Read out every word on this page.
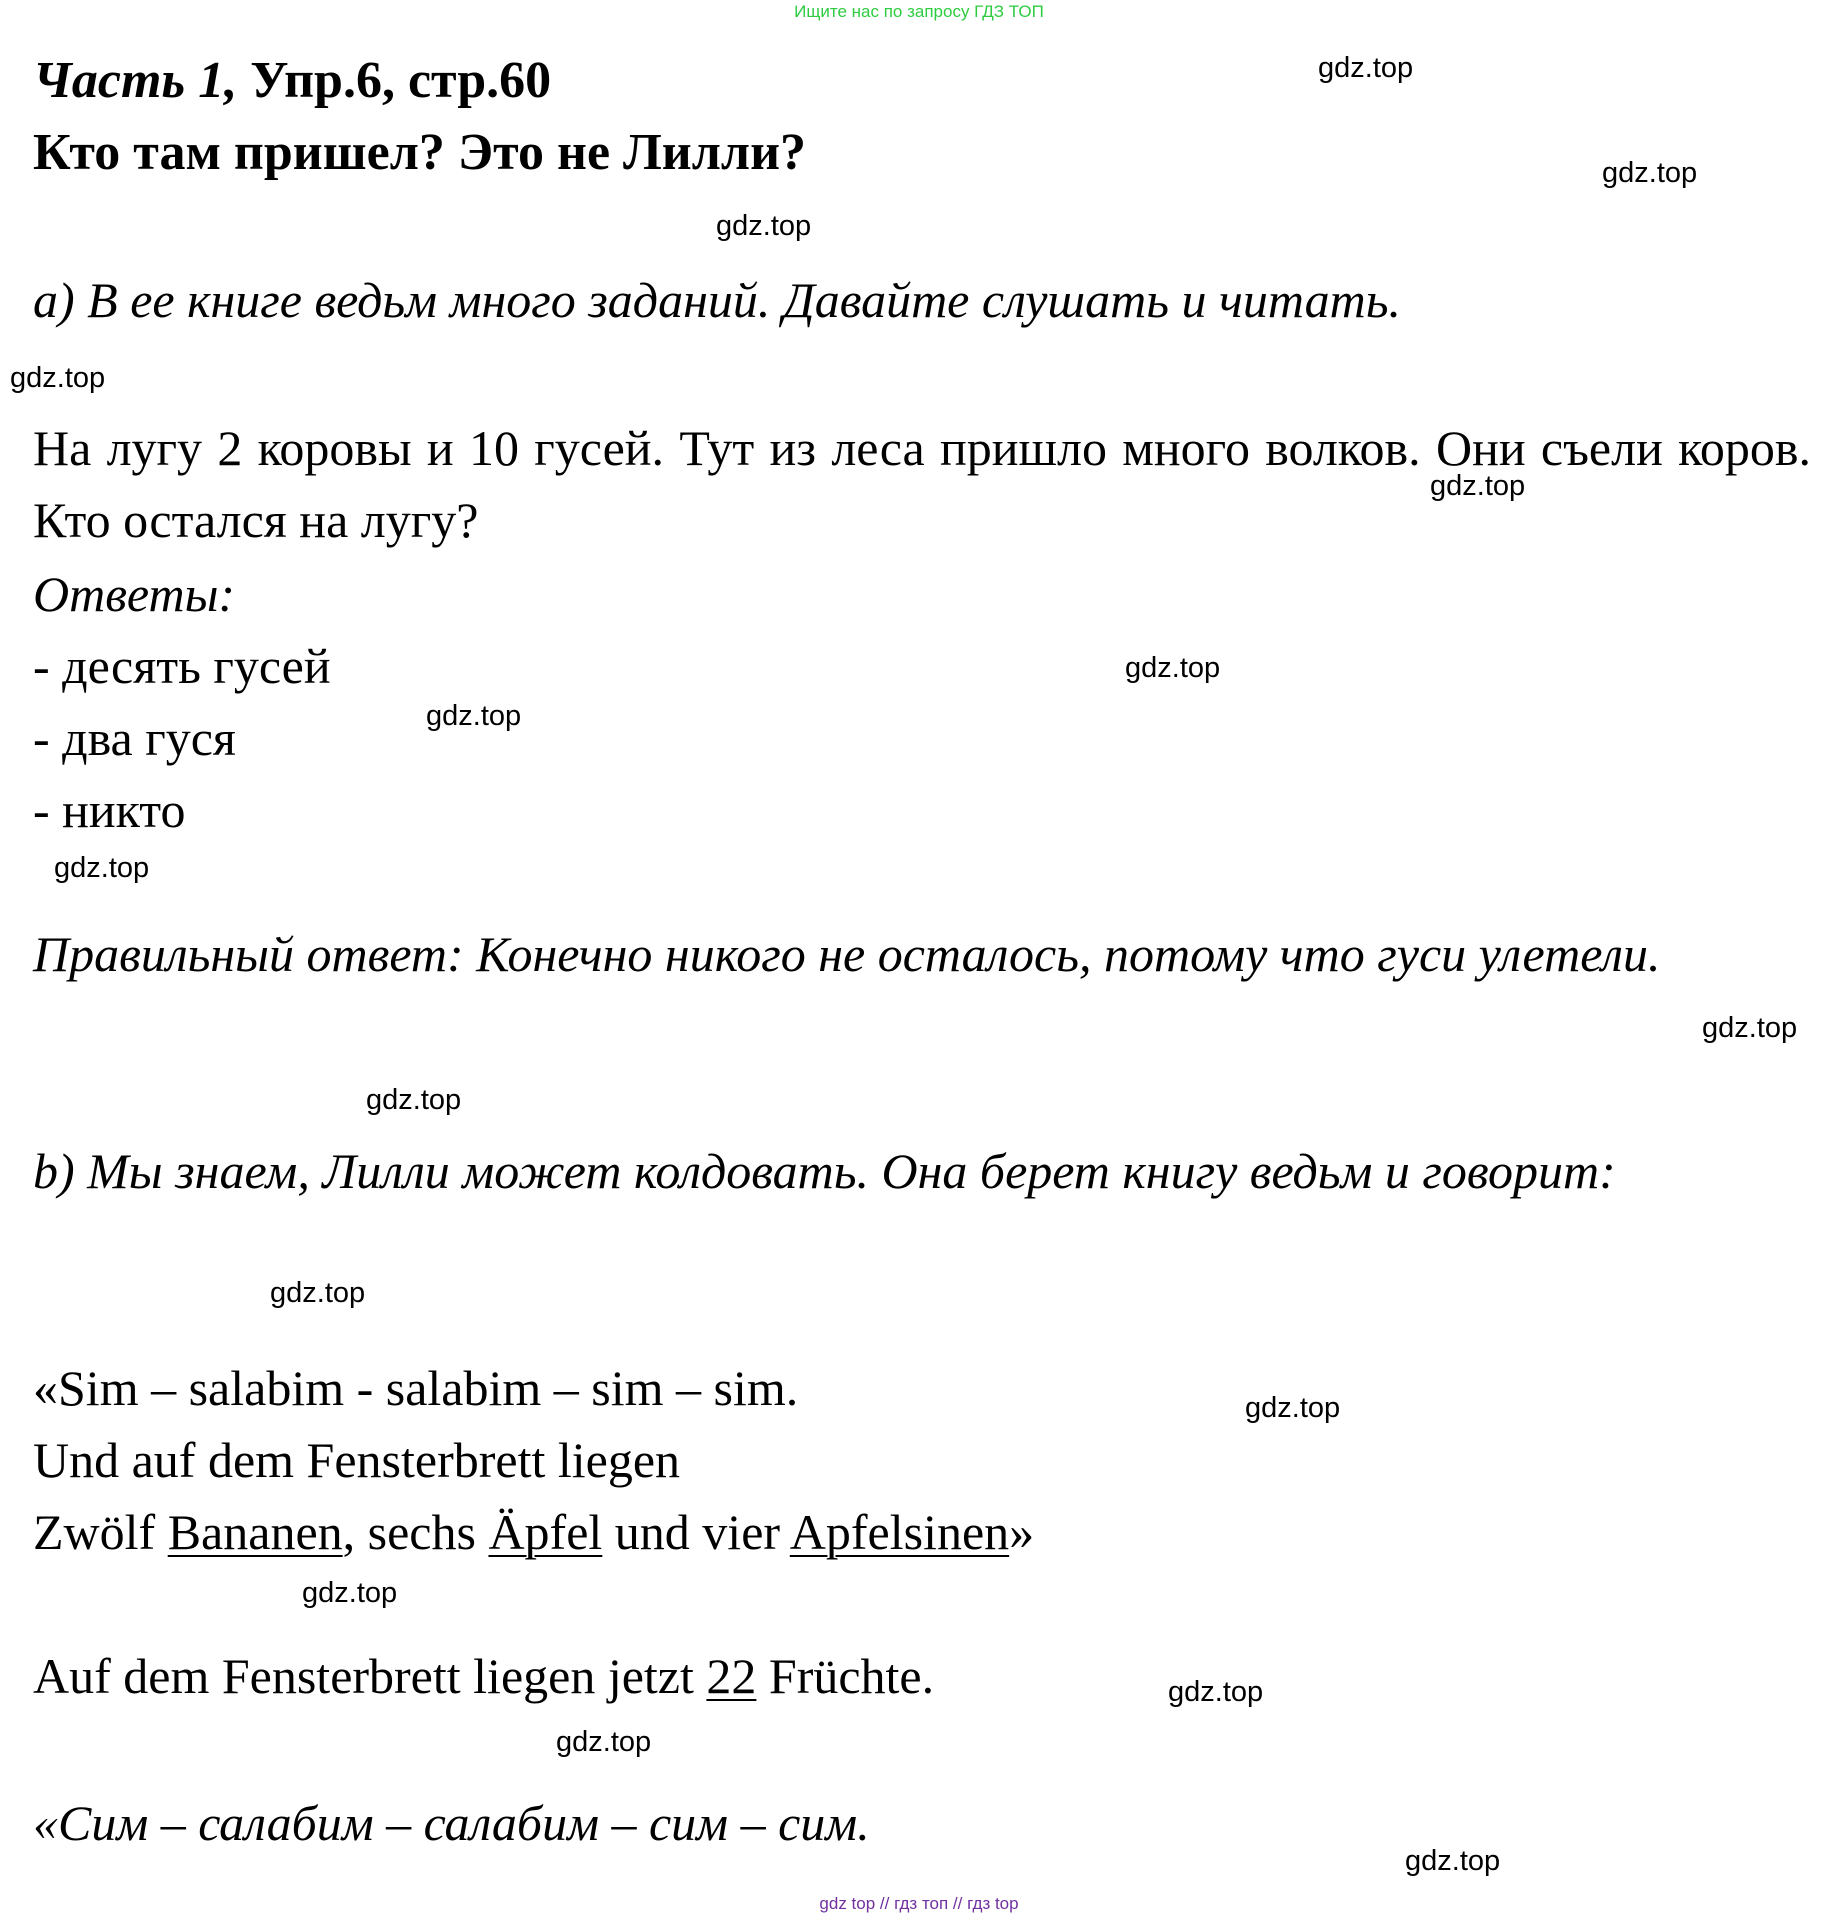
Ищите нас по запросу ГДЗ ТОП
Часть 1, Упр.6, стр.60
Кто там пришел? Это не Лилли?
а) В ее книге ведьм много заданий. Давайте слушать и читать.
На лугу 2 коровы и 10 гусей. Тут из леса пришло много волков. Они съели коров. Кто остался на лугу?
Ответы:
- десять гусей
- два гуся
- никто
Правильный ответ: Конечно никого не осталось, потому что гуси улетели.
b) Мы знаем, Лилли может колдовать. Она берет книгу ведьм и говорит:
«Sim – salabim - salabim – sim – sim.
Und auf dem Fensterbrett liegen
Zwölf Bananen, sechs Äpfel und vier Apfelsinen»
Auf dem Fensterbrett liegen jetzt 22 Früchte.
«Сим – салабим – салабим – сим – сим.
gdz.top
gdz.top
gdz.top
gdz.top
gdz.top
gdz.top
gdz.top
gdz.top
gdz.top
gdz.top
gdz.top
gdz.top
gdz.top
gdz.top
gdz.top
gdz.top
gdz top // гдз топ // гдз top
